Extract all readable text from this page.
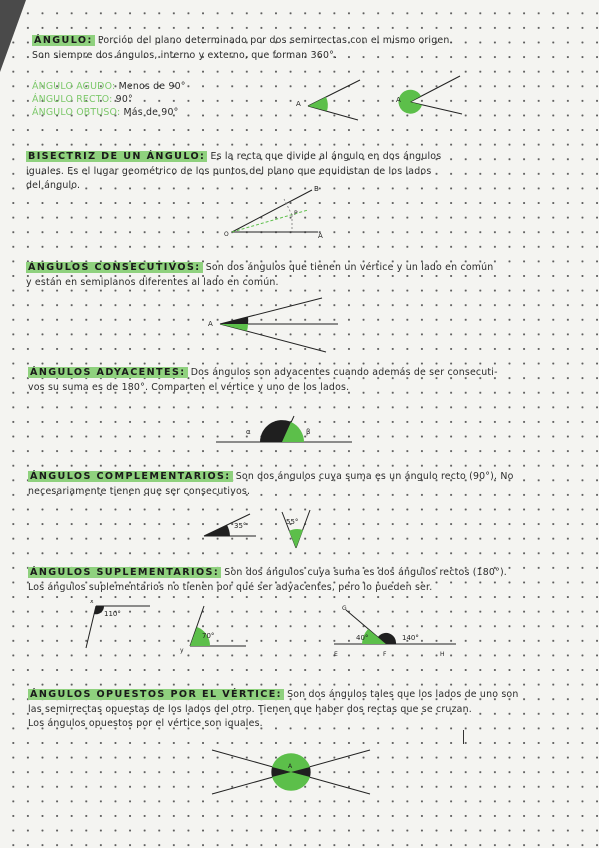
ÁNGULO: Porción del plano determinado por dos semirrectas con el mismo origen.
Son siempre dos ángulos, interno y externo, que forman 360°.
ÁNGULO AGUDO: Menos de 90°
ÁNGULO RECTO: 90°
ÁNGULO OBTUSO: Más de 90°
A	A
BISECTRIZ DE UN ÁNGULO: Es la recta que divide al ángulo en dos ángulos
iguales. Es el lugar geométrico de los puntos del plano que equidistan de los lados
del ángulo.	B
P
O	A
ÁNGULOS CONSECUTIVOS: Son dos ángulos que tienen un vértice y un lado en común
y están en semiplanos diferentes al lado en común.
A
ÁNGULOS ADYACENTES: Dos ángulos son adyacentes cuando además de ser consecuti-
vos su suma es de 180°. Comparten el vértice y uno de los lados.
α	β
ÁNGULOS COMPLEMENTARIOS: Son dos ángulos cuya suma es un ángulo recto (90°). No
necesariamente tienen que ser consecutivos.
35°	55°
ÁNGULOS SUPLEMENTARIOS: Son dos ángulos cuya suma es dos ángulos rectos (180°).
Los ángulos suplementarios no tienen por qué ser adyacentes, pero lo pueden ser.
x
110°
y
70°
G
40°	140°
E	F	H
ÁNGULOS OPUESTOS POR EL VÉRTICE: Son dos ángulos tales que los lados de uno son
las semirrectas opuestas de los lados del otro. Tienen que haber dos rectas que se cruzan.
Los ángulos opuestos por el vértice son iguales.
A
